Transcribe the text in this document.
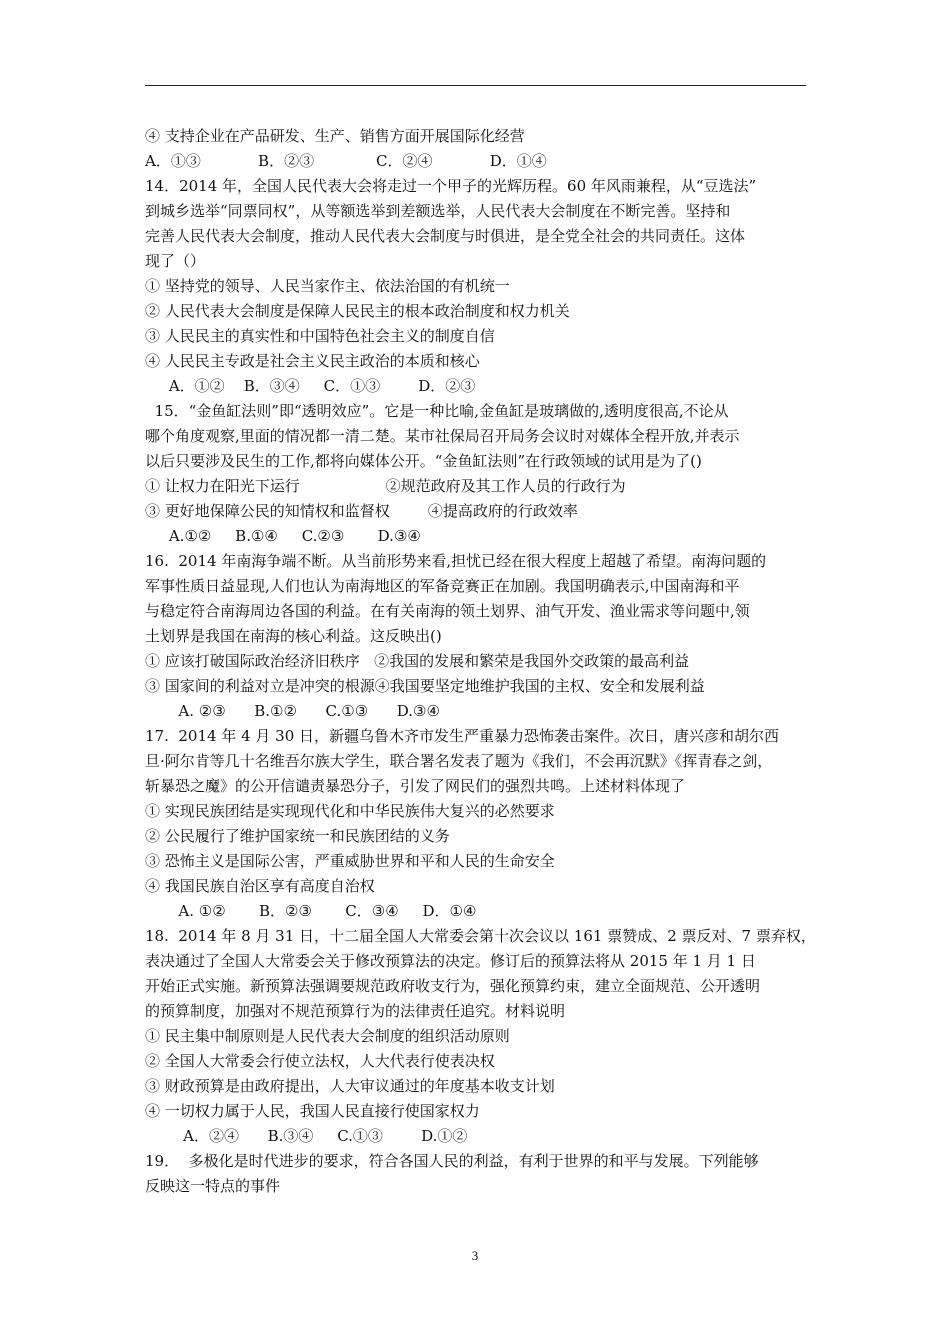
④ 支持企业在产品研发、生产、销售方面开展国际化经营
A．①③            B．②③             C．②④            D．①④
14．2014 年，全国人民代表大会将走过一个甲子的光辉历程。60 年风雨兼程，从“豆选法”
到城乡选举“同票同权”，从等额选举到差额选举，人民代表大会制度在不断完善。坚持和
完善人民代表大会制度，推动人民代表大会制度与时俱进，是全党全社会的共同责任。这体
现了（）
① 坚持党的领导、人民当家作主、依法治国的有机统一
② 人民代表大会制度是保障人民民主的根本政治制度和权力机关
③ 人民民主的真实性和中国特色社会主义的制度自信
④ 人民民主专政是社会主义民主政治的本质和核心
A．①②    B．③④     C．①③        D．②③
15．“金鱼缸法则”即“透明效应”。它是一种比喻,金鱼缸是玻璃做的,透明度很高,不论从
哪个角度观察,里面的情况都一清二楚。某市社保局召开局务会议时对媒体全程开放,并表示
以后只要涉及民生的工作,都将向媒体公开。“金鱼缸法则”在行政领域的试用是为了()
① 让权力在阳光下运行                  ②规范政府及其工作人员的行政行为
③ 更好地保障公民的知情权和监督权        ④提高政府的行政效率
A.①②     B.①④     C.②③       D.③④
16.  2014 年南海争端不断。从当前形势来看,担忧已经在很大程度上超越了希望。南海问题的
军事性质日益显现,人们也认为南海地区的军备竞赛正在加剧。我国明确表示,中国南海和平
与稳定符合南海周边各国的利益。在有关南海的领土划界、油气开发、渔业需求等问题中,领
土划界是我国在南海的核心利益。这反映出()
① 应该打破国际政治经济旧秩序   ②我国的发展和繁荣是我国外交政策的最高利益
③ 国家间的利益对立是冲突的根源④我国要坚定地维护我国的主权、安全和发展利益
A. ②③      B.①②      C.①③      D.③④
17.  2014 年 4 月 30 日，新疆乌鲁木齐市发生严重暴力恐怖袭击案件。次日，唐兴彦和胡尔西
旦·阿尔肯等几十名维吾尔族大学生，联合署名发表了题为《我们，不会再沉默》《挥青春之剑，
斩暴恐之魔》的公开信谴责暴恐分子，引发了网民们的强烈共鸣。上述材料体现了
① 实现民族团结是实现现代化和中华民族伟大复兴的必然要求
② 公民履行了维护国家统一和民族团结的义务
③ 恐怖主义是国际公害，严重威胁世界和平和人民的生命安全
④ 我国民族自治区享有高度自治权
A. ①②       B．②③       C．③④     D．①④
18.  2014 年 8 月 31 日，十二届全国人大常委会第十次会议以 161 票赞成、2 票反对、7 票弃权，
表决通过了全国人大常委会关于修改预算法的决定。修订后的预算法将从 2015 年 1 月 1 日
开始正式实施。新预算法强调要规范政府收支行为，强化预算约束，建立全面规范、公开透明
的预算制度，加强对不规范预算行为的法律责任追究。材料说明
① 民主集中制原则是人民代表大会制度的组织活动原则
② 全国人大常委会行使立法权，人大代表行使表决权
③ 财政预算是由政府提出，人大审议通过的年度基本收支计划
④ 一切权力属于人民，我国人民直接行使国家权力
A．②④      B.③④     C.①③        D.①②
19．  多极化是时代进步的要求，符合各国人民的利益，有利于世界的和平与发展。下列能够
反映这一特点的事件
3
